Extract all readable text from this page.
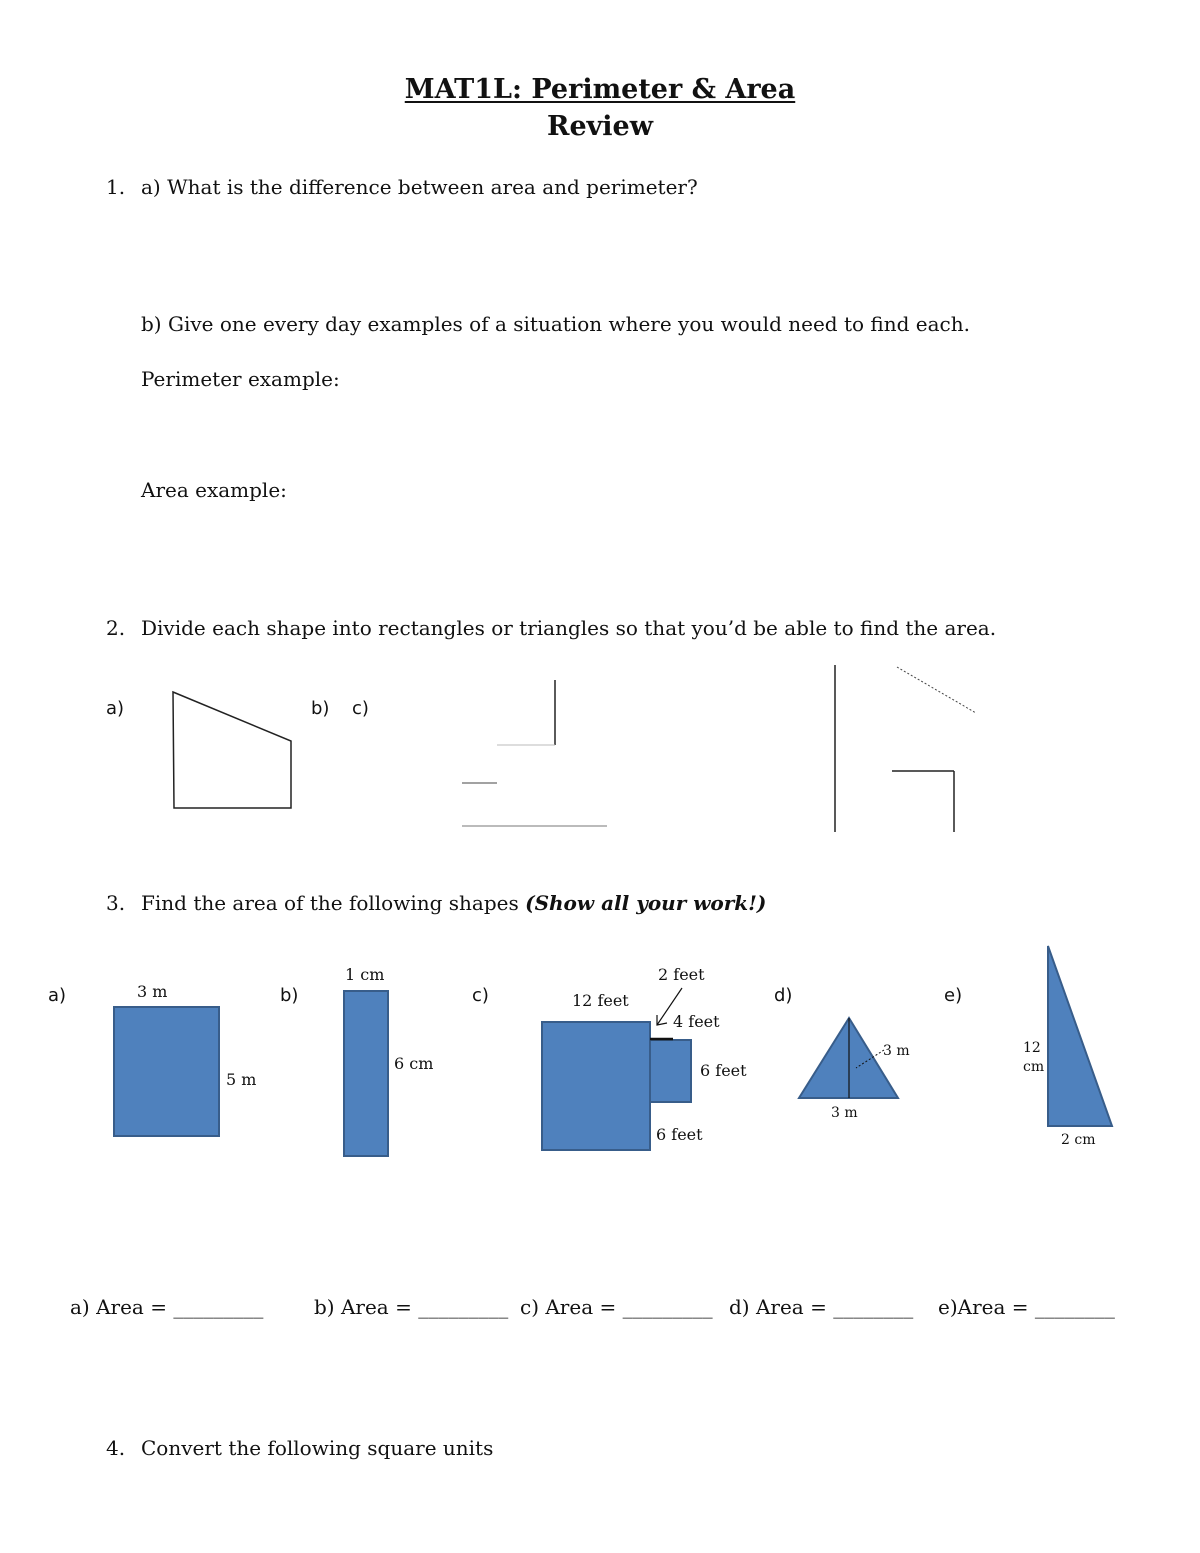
MAT1L: Perimeter & Area
Review
1. a) What is the difference between area and perimeter?
b) Give one every day examples of a situation where you would need to find each.
Perimeter example:
Area example:
2. Divide each shape into rectangles or triangles so that you’d be able to find the area.
a)	b) c)
3. Find the area of the following shapes (Show all your work!)
a)	b)	c)	d)	e)
3 m
5 m
1 cm
6 cm
12 feet
2 feet
4 feet
6 feet
6 feet
3 m
3 m
12
cm
2 cm
a) Area = _________	b) Area = _________ c) Area = _________ d) Area = ________ e)Area = ________
4. Convert the following square units
